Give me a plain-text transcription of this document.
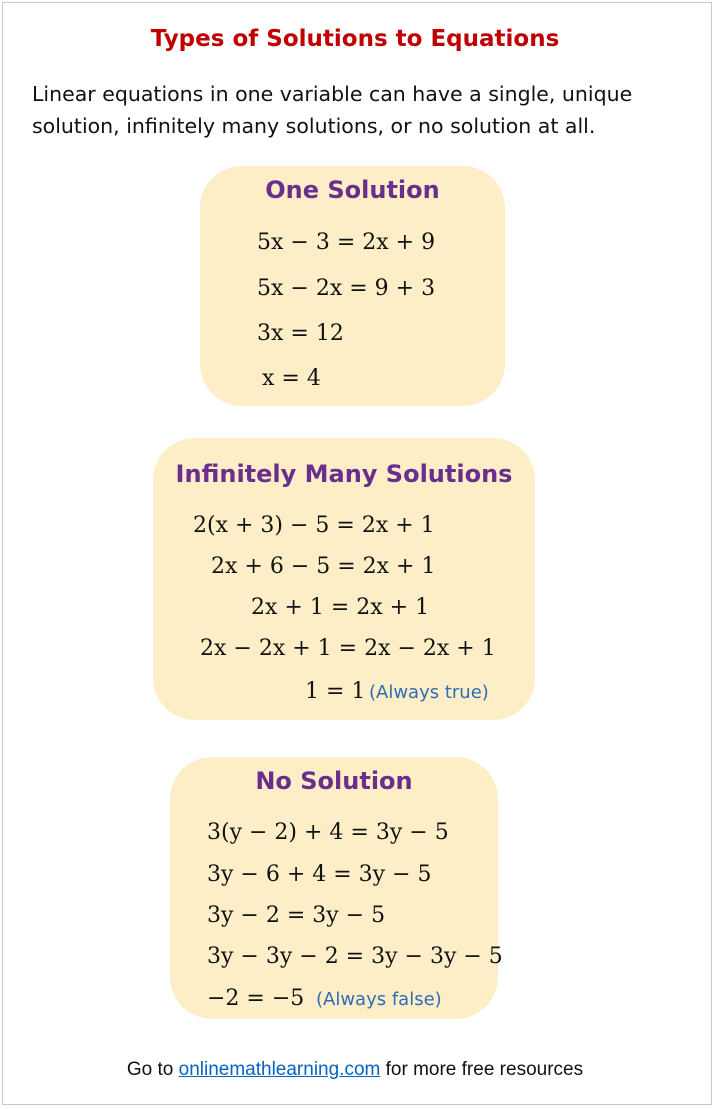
Types of Solutions to Equations

Linear equations in one variable can have a single, unique solution, infinitely many solutions, or no solution at all.

One Solution
5x − 3 = 2x + 9
5x − 2x = 9 + 3
3x = 12
x = 4
Infinitely Many Solutions
2(x + 3) − 5 = 2x + 1
2x + 6 − 5 = 2x + 1
2x + 1 = 2x + 1
2x − 2x + 1 = 2x − 2x + 1
1 = 1 (Always true)
No Solution
3(y − 2) + 4 = 3y − 5
3y − 6 + 4 = 3y − 5
3y − 2 = 3y − 5
3y − 3y − 2 = 3y − 3y − 5
−2 = −5 (Always false)

Go to onlinemathlearning.com for more free resources
